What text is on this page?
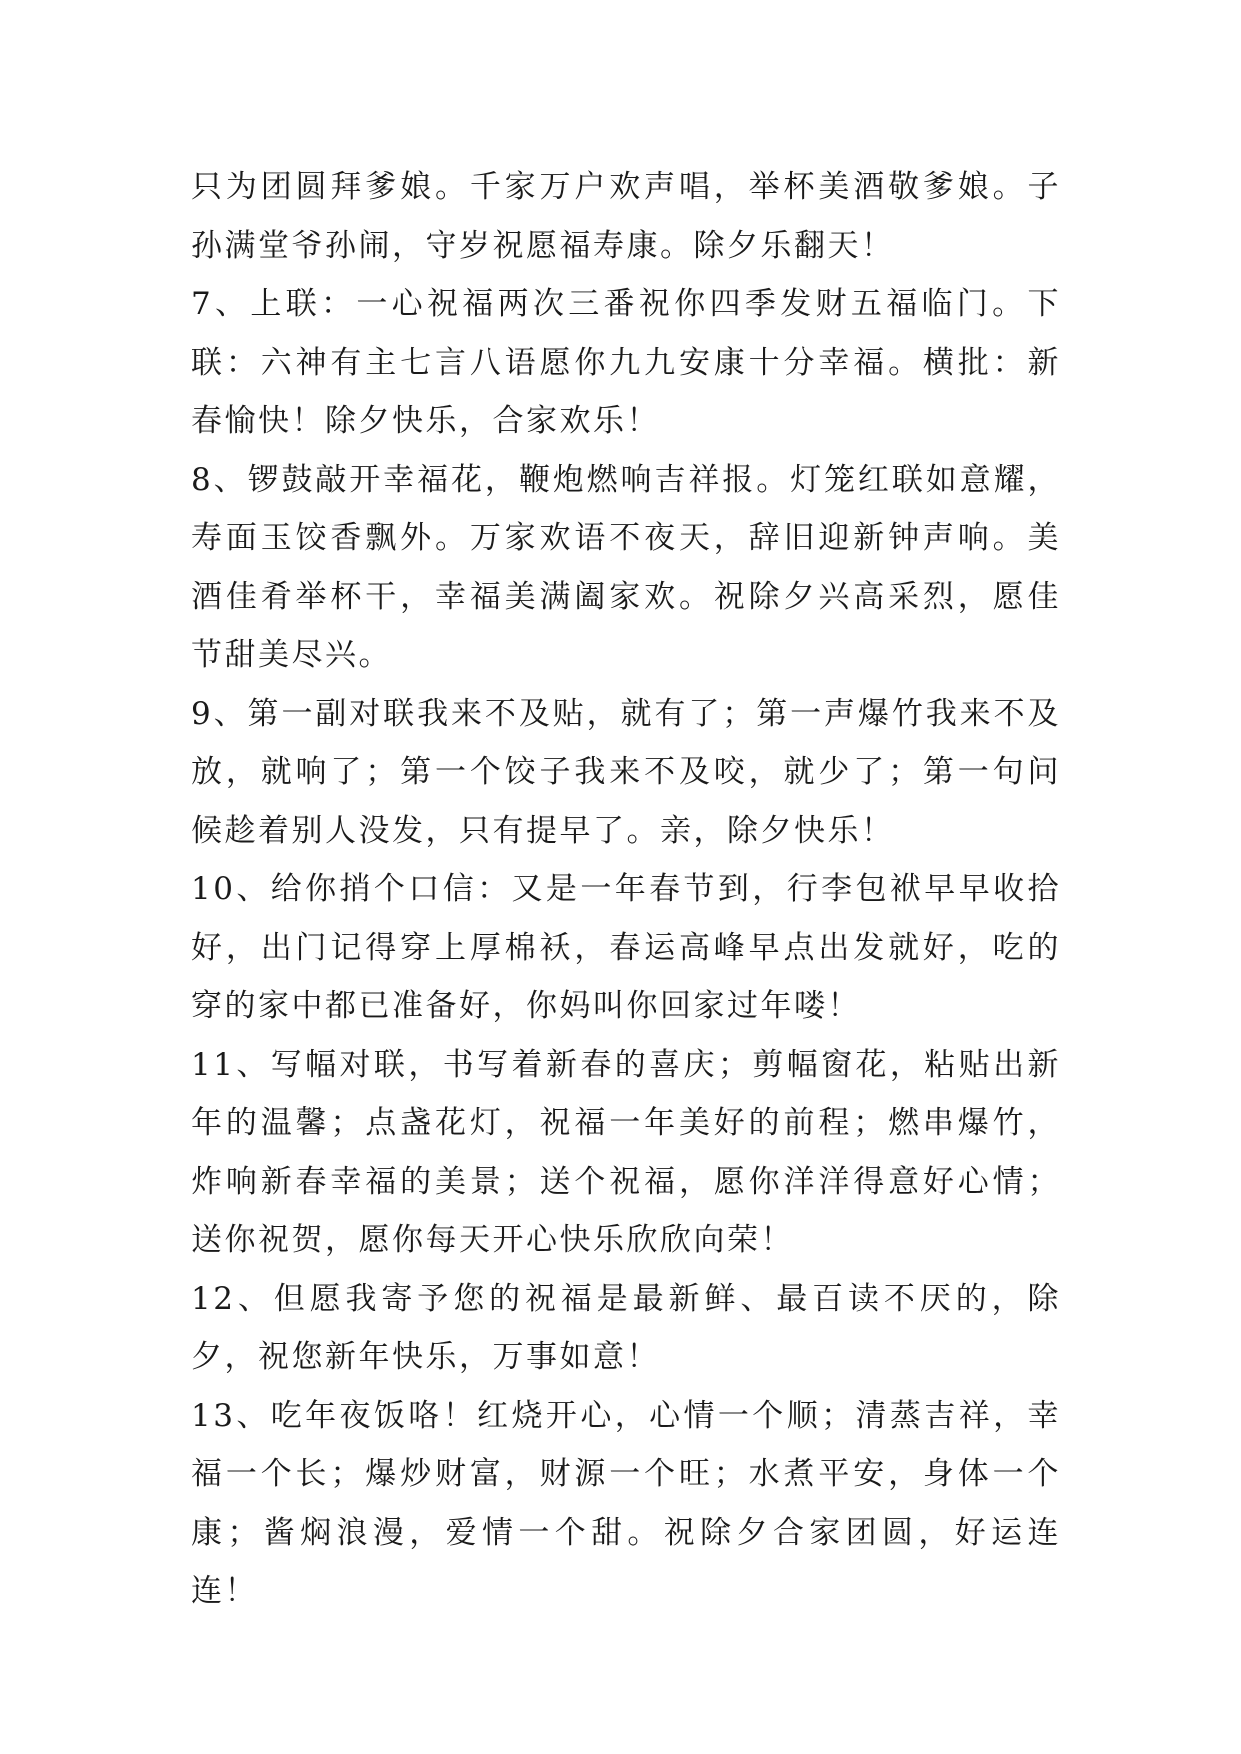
只为团圆拜爹娘。千家万户欢声唱，举杯美酒敬爹娘。子孙满堂爷孙闹，守岁祝愿福寿康。除夕乐翻天！

7、上联：一心祝福两次三番祝你四季发财五福临门。下联：六神有主七言八语愿你九九安康十分幸福。横批：新春愉快！除夕快乐，合家欢乐！

8、锣鼓敲开幸福花，鞭炮燃响吉祥报。灯笼红联如意耀，寿面玉饺香飘外。万家欢语不夜天，辞旧迎新钟声响。美酒佳肴举杯干，幸福美满阖家欢。祝除夕兴高采烈，愿佳节甜美尽兴。

9、第一副对联我来不及贴，就有了；第一声爆竹我来不及放，就响了；第一个饺子我来不及咬，就少了；第一句问候趁着别人没发，只有提早了。亲，除夕快乐！

10、给你捎个口信：又是一年春节到，行李包袱早早收拾好，出门记得穿上厚棉袄，春运高峰早点出发就好，吃的穿的家中都已准备好，你妈叫你回家过年喽！

11、写幅对联，书写着新春的喜庆；剪幅窗花，粘贴出新年的温馨；点盏花灯，祝福一年美好的前程；燃串爆竹，炸响新春幸福的美景；送个祝福，愿你洋洋得意好心情；送你祝贺，愿你每天开心快乐欣欣向荣！

12、但愿我寄予您的祝福是最新鲜、最百读不厌的，除夕，祝您新年快乐，万事如意！

13、吃年夜饭咯！红烧开心，心情一个顺；清蒸吉祥，幸福一个长；爆炒财富，财源一个旺；水煮平安，身体一个康；酱焖浪漫，爱情一个甜。祝除夕合家团圆，好运连连！
